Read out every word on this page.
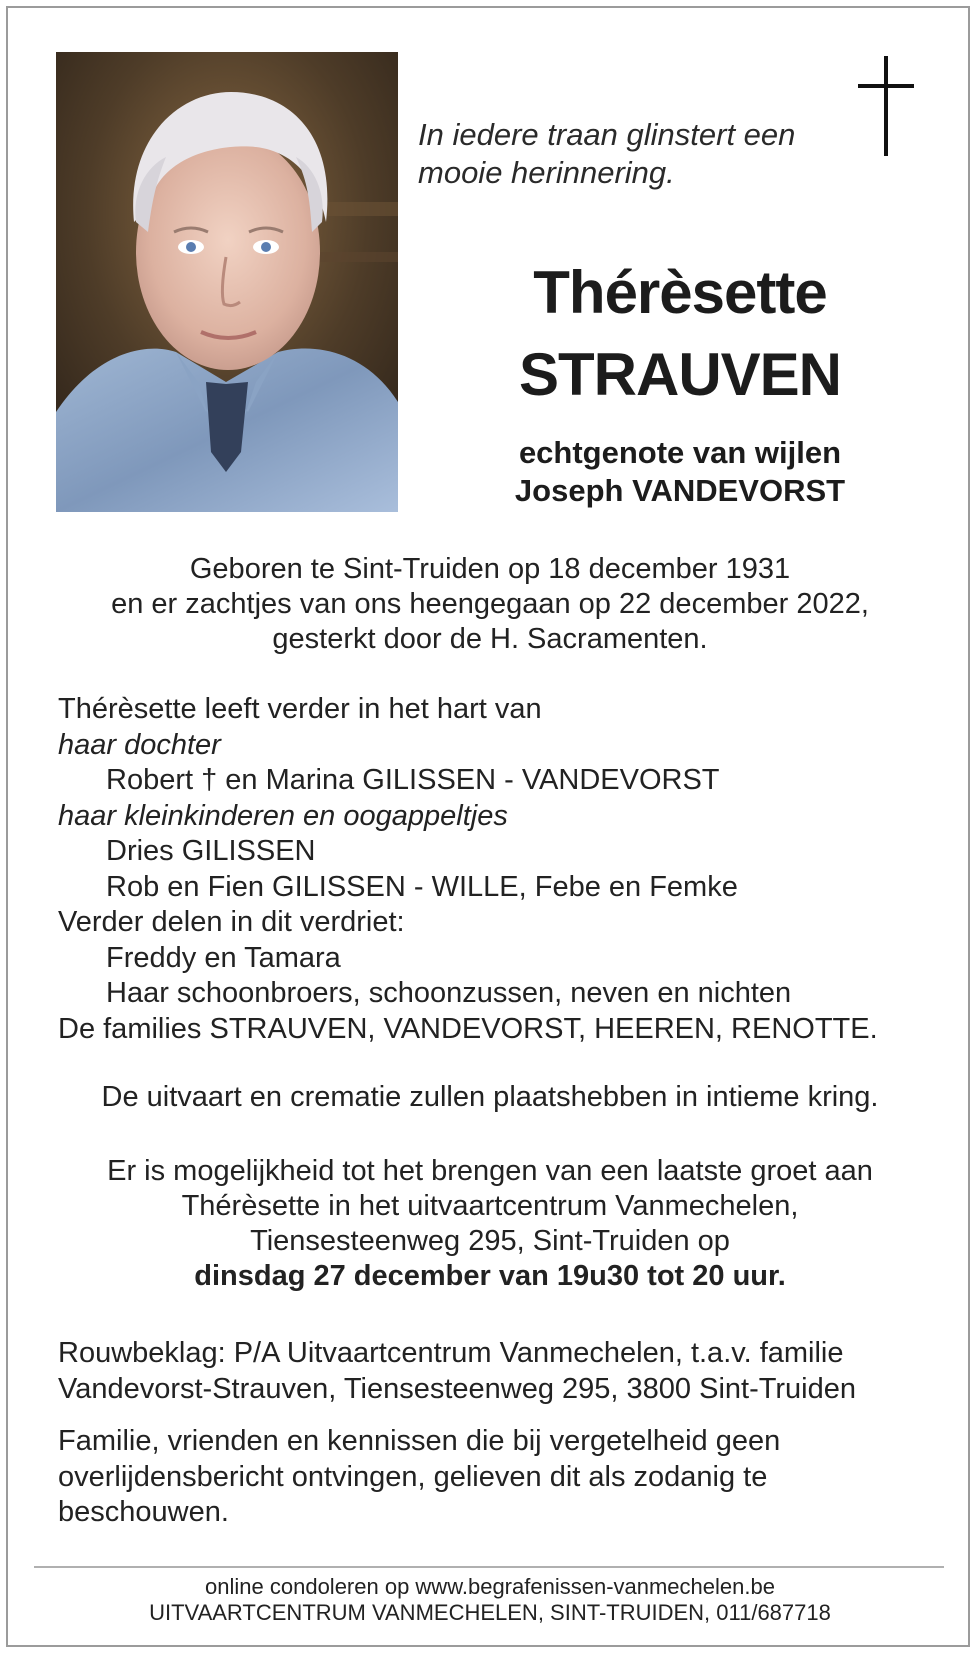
In iedere traan glinstert een
mooie herinnering.
Thérèsette
STRAUVEN
echtgenote van wijlen
Joseph VANDEVORST
Geboren te Sint-Truiden op 18 december 1931
en er zachtjes van ons heengegaan op 22 december 2022,
gesterkt door de H. Sacramenten.
Thérèsette leeft verder in het hart van
haar dochter
Robert † en Marina GILISSEN - VANDEVORST
haar kleinkinderen en oogappeltjes
Dries GILISSEN
Rob en Fien GILISSEN - WILLE, Febe en Femke
Verder delen in dit verdriet:
Freddy en Tamara
Haar schoonbroers, schoonzussen, neven en nichten
De families STRAUVEN, VANDEVORST, HEEREN, RENOTTE.
De uitvaart en crematie zullen plaatshebben in intieme kring.
Er is mogelijkheid tot het brengen van een laatste groet aan
Thérèsette in het uitvaartcentrum Vanmechelen,
Tiensesteenweg 295, Sint-Truiden op
dinsdag 27 december van 19u30 tot 20 uur.
Rouwbeklag: P/A Uitvaartcentrum Vanmechelen, t.a.v. familie
Vandevorst-Strauven, Tiensesteenweg 295, 3800 Sint-Truiden
Familie, vrienden en kennissen die bij vergetelheid geen
overlijdensbericht ontvingen, gelieven dit als zodanig te
beschouwen.
online condoleren op www.begrafenissen-vanmechelen.be
UITVAARTCENTRUM VANMECHELEN, SINT-TRUIDEN, 011/687718
